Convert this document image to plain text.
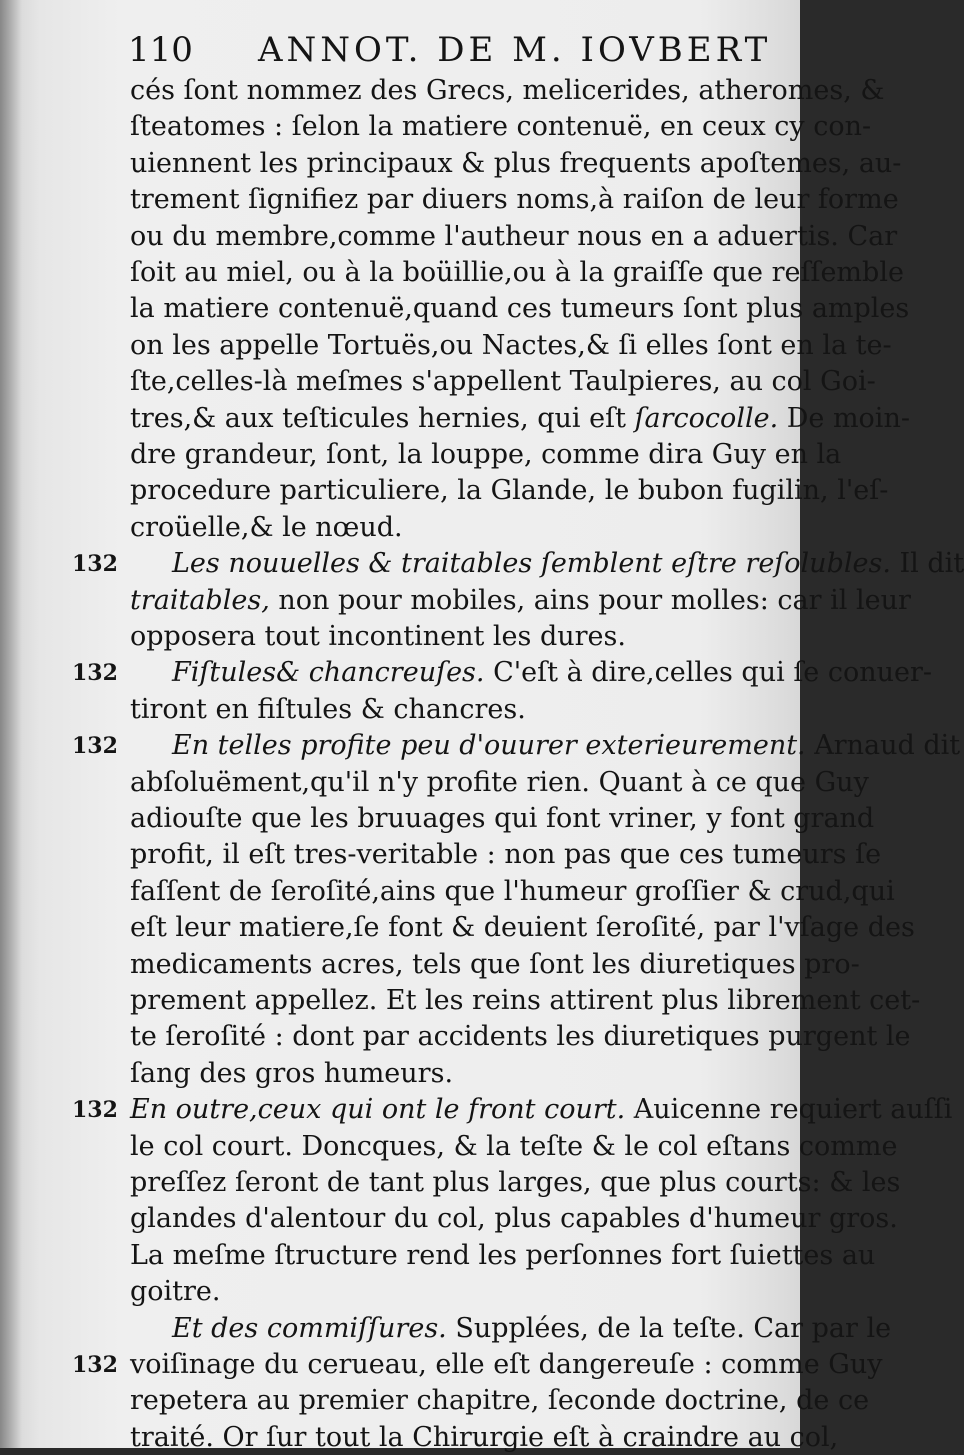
110 ANNOT. DE M. IOVBERT
cés ſont nommez des Grecs, melicerides, atheromes, &
ſteatomes : ſelon la matiere contenuë, en ceux cy con-
uiennent les principaux & plus frequents apoſtemes, au-
trement ſignifiez par diuers noms,à raiſon de leur forme
ou du membre,comme l'autheur nous en a aduertis. Car
ſoit au miel, ou à la boüillie,ou à la graiſſe que reſſemble
la matiere contenuë,quand ces tumeurs ſont plus amples
on les appelle Tortuës,ou Nactes,& ſi elles ſont en la te-
ſte,celles-là meſmes s'appellent Taulpieres, au col Goi-
tres,& aux teſticules hernies, qui eſt ſarcocolle. De moin-
dre grandeur, ſont, la louppe, comme dira Guy en la
procedure particuliere, la Glande, le bubon fugilin, l'eſ-
croüelle,& le nœud.
Les nouuelles & traitables ſemblent eſtre reſolubles. Il dit
traitables, non pour mobiles, ains pour molles: car il leur
opposera tout incontinent les dures.
Fiſtules& chancreuſes. C'eſt à dire,celles qui ſe conuer-
tiront en fiſtules & chancres.
En telles profite peu d'ouurer exterieurement. Arnaud dit
abſoluëment,qu'il n'y profite rien. Quant à ce que Guy
adiouſte que les bruuages qui font vriner, y font grand
profit, il eſt tres-veritable : non pas que ces tumeurs ſe
faſſent de ſeroſité,ains que l'humeur groſſier & crud,qui
eſt leur matiere,ſe font & deuient ſeroſité, par l'vſage des
medicaments acres, tels que ſont les diuretiques pro-
prement appellez. Et les reins attirent plus librement cet-
te ſeroſité : dont par accidents les diuretiques purgent le
ſang des gros humeurs.
En outre,ceux qui ont le front court. Auicenne requiert auſſi
le col court. Doncques, & la teſte & le col eſtans comme
preſſez ſeront de tant plus larges, que plus courts: & les
glandes d'alentour du col, plus capables d'humeur gros.
La meſme ſtructure rend les perſonnes fort ſuiettes au
goitre.
Et des commiſſures. Supplées, de la teſte. Car par le
voiſinage du cerueau, elle eſt dangereuſe : comme Guy
repetera au premier chapitre, ſeconde doctrine, de ce
traité. Or ſur tout la Chirurgie eſt à craindre au col,
132
132
132
132
132
